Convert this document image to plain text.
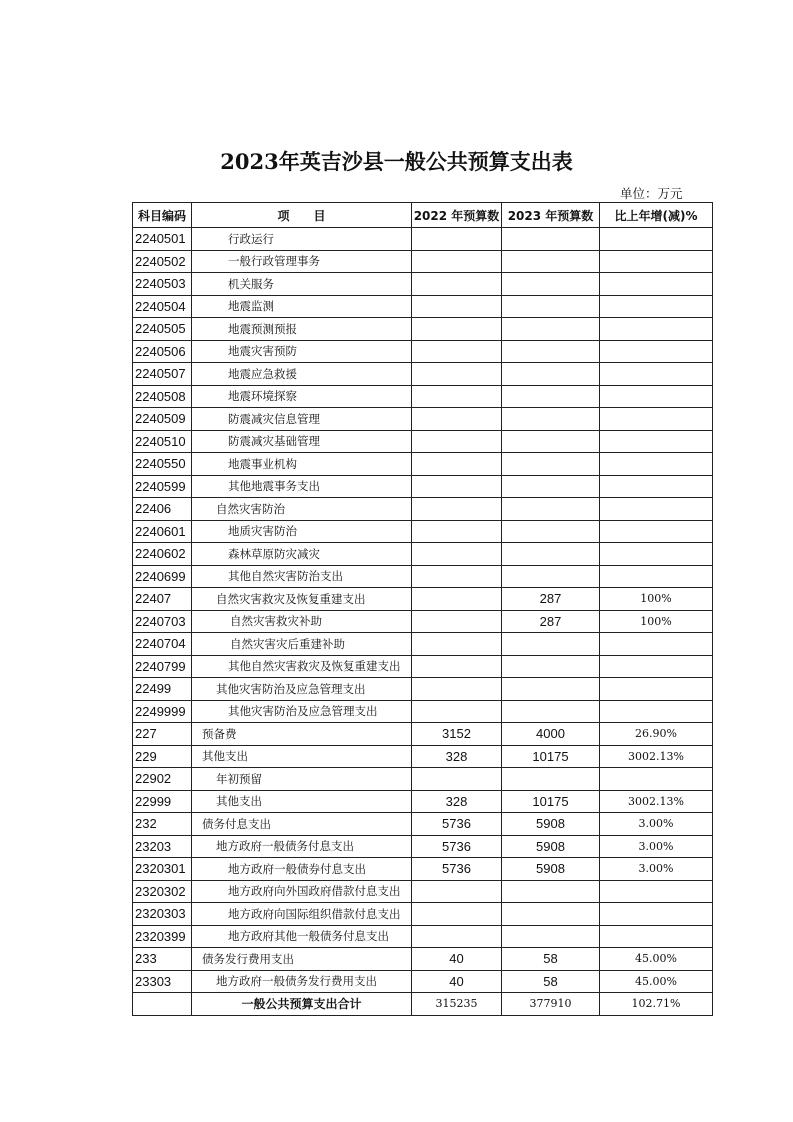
2023年英吉沙县一般公共预算支出表
单位：万元
科目编码	项　　目	2022 年预算数	2023 年预算数	比上年增(减)%
2240501	行政运行			
2240502	一般行政管理事务			
2240503	机关服务			
2240504	地震监测			
2240505	地震预测预报			
2240506	地震灾害预防			
2240507	地震应急救援			
2240508	地震环境探察			
2240509	防震减灾信息管理			
2240510	防震减灾基础管理			
2240550	地震事业机构			
2240599	其他地震事务支出			
22406	自然灾害防治			
2240601	地质灾害防治			
2240602	森林草原防灾减灾			
2240699	其他自然灾害防治支出			
22407	自然灾害救灾及恢复重建支出		287	100%
2240703	自然灾害救灾补助		287	100%
2240704	自然灾害灾后重建补助			
2240799	其他自然灾害救灾及恢复重建支出			
22499	其他灾害防治及应急管理支出			
2249999	其他灾害防治及应急管理支出			
227	预备费	3152	4000	26.90%
229	其他支出	328	10175	3002.13%
22902	年初预留			
22999	其他支出	328	10175	3002.13%
232	债务付息支出	5736	5908	3.00%
23203	地方政府一般债务付息支出	5736	5908	3.00%
2320301	地方政府一般债券付息支出	5736	5908	3.00%
2320302	地方政府向外国政府借款付息支出			
2320303	地方政府向国际组织借款付息支出			
2320399	地方政府其他一般债务付息支出			
233	债务发行费用支出	40	58	45.00%
23303	地方政府一般债务发行费用支出	40	58	45.00%
	一般公共预算支出合计	315235	377910	102.71%
